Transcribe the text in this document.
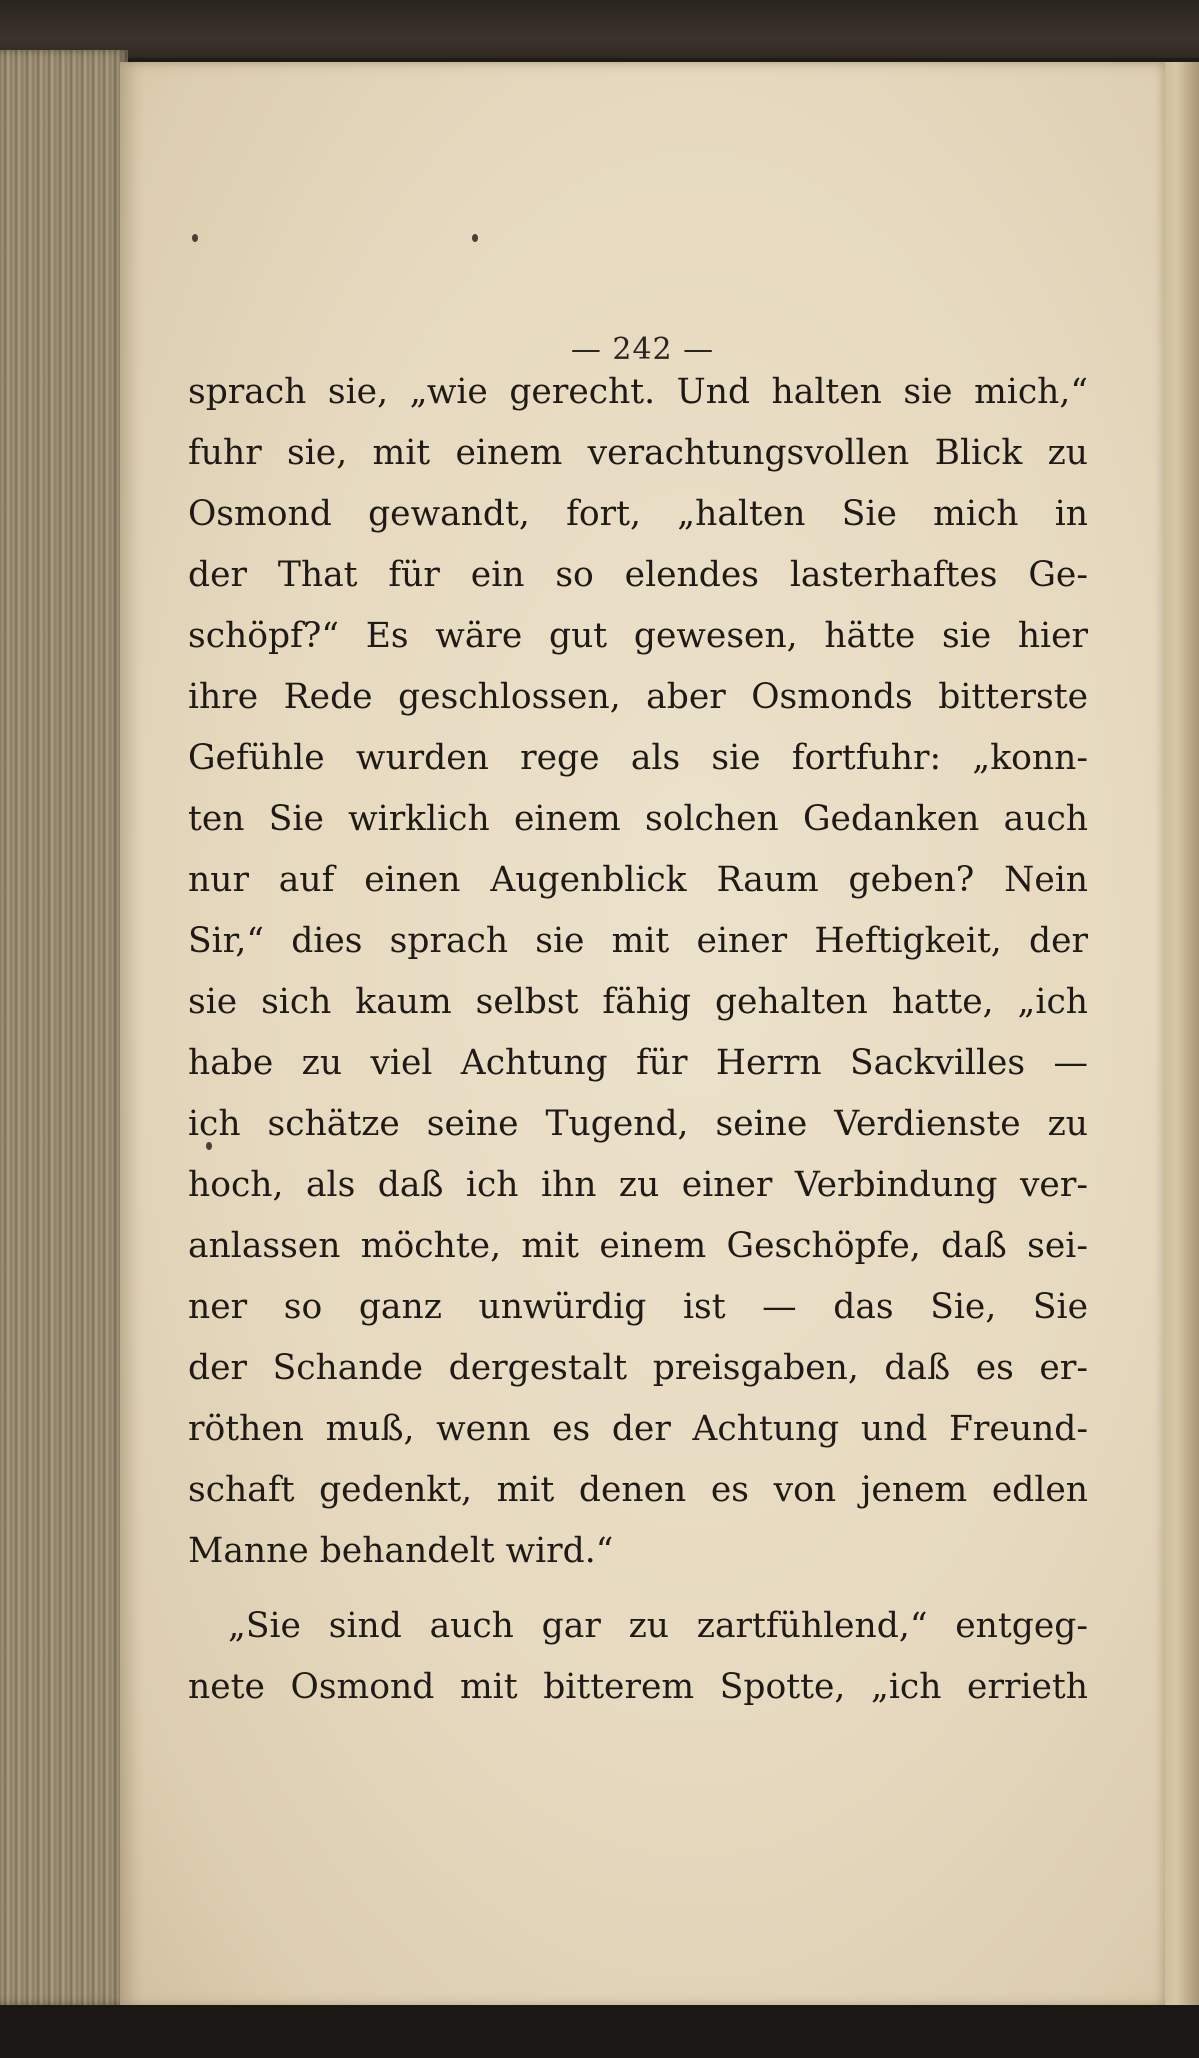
— 242 —
sprach sie, „wie gerecht. Und halten sie mich,“
fuhr sie, mit einem verachtungsvollen Blick zu
Osmond gewandt, fort, „halten Sie mich in
der That für ein so elendes lasterhaftes Ge-
schöpf?“ Es wäre gut gewesen, hätte sie hier
ihre Rede geschlossen, aber Osmonds bitterste
Gefühle wurden rege als sie fortfuhr: „konn-
ten Sie wirklich einem solchen Gedanken auch
nur auf einen Augenblick Raum geben? Nein
Sir,“ dies sprach sie mit einer Heftigkeit, der
sie sich kaum selbst fähig gehalten hatte, „ich
habe zu viel Achtung für Herrn Sackvilles —
ich schätze seine Tugend, seine Verdienste zu
hoch, als daß ich ihn zu einer Verbindung ver-
anlassen möchte, mit einem Geschöpfe, daß sei-
ner so ganz unwürdig ist — das Sie, Sie
der Schande dergestalt preisgaben, daß es er-
röthen muß, wenn es der Achtung und Freund-
schaft gedenkt, mit denen es von jenem edlen
Manne behandelt wird.“
„Sie sind auch gar zu zartfühlend,“ entgeg-
nete Osmond mit bitterem Spotte, „ich errieth
